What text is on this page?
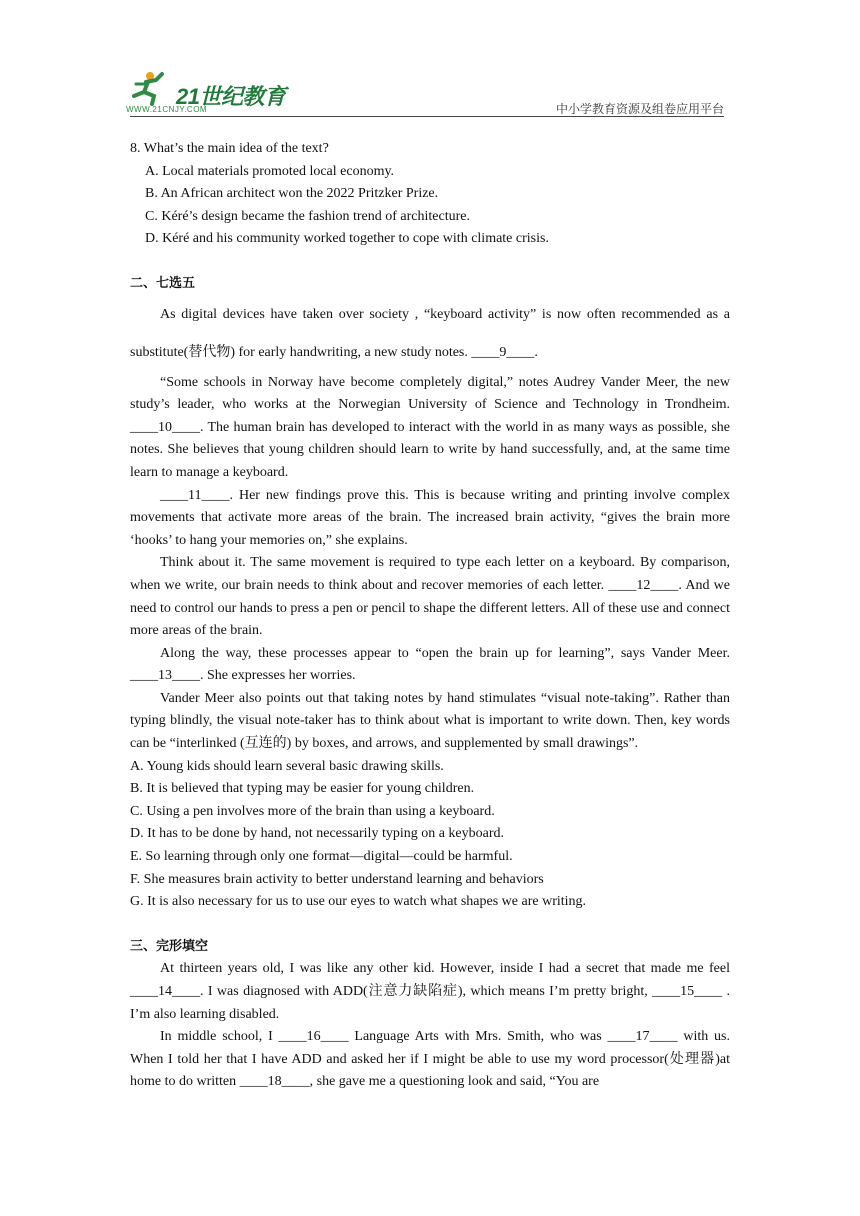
21世纪教育
WWW.21CNJY.COM	中小学教育资源及组卷应用平台
8. What’s the main idea of the text?
A. Local materials promoted local economy.
B. An African architect won the 2022 Pritzker Prize.
C. Kéré’s design became the fashion trend of architecture.
D. Kéré and his community worked together to cope with climate crisis.
二、七选五

As digital devices have taken over society , “keyboard activity” is now often recommended as a substitute(替代物) for early handwriting, a new study notes. ____9____.

“Some schools in Norway have become completely digital,” notes Audrey Vander Meer, the new study’s leader, who works at the Norwegian University of Science and Technology in Trondheim. ____10____. The human brain has developed to interact with the world in as many ways as possible, she notes. She believes that young children should learn to write by hand successfully, and, at the same time learn to manage a keyboard.

____11____. Her new findings prove this. This is because writing and printing involve complex movements that activate more areas of the brain. The increased brain activity, “gives the brain more ‘hooks’ to hang your memories on,” she explains.

Think about it. The same movement is required to type each letter on a keyboard. By comparison, when we write, our brain needs to think about and recover memories of each letter. ____12____. And we need to control our hands to press a pen or pencil to shape the different letters. All of these use and connect more areas of the brain.

Along the way, these processes appear to “open the brain up for learning”, says Vander Meer. ____13____. She expresses her worries.

Vander Meer also points out that taking notes by hand stimulates “visual note-taking”. Rather than typing blindly, the visual note-taker has to think about what is important to write down. Then, key words can be “interlinked (互连的) by boxes, and arrows, and supplemented by small drawings”.

A. Young kids should learn several basic drawing skills.
B. It is believed that typing may be easier for young children.
C. Using a pen involves more of the brain than using a keyboard.
D. It has to be done by hand, not necessarily typing on a keyboard.
E. So learning through only one format—digital—could be harmful.
F. She measures brain activity to better understand learning and behaviors
G. It is also necessary for us to use our eyes to watch what shapes we are writing.
三、完形填空

At thirteen years old, I was like any other kid. However, inside I had a secret that made me feel ____14____. I was diagnosed with ADD(注意力缺陷症), which means I’m pretty bright, ____15____ . I’m also learning disabled.

In middle school, I ____16____ Language Arts with Mrs. Smith, who was ____17____ with us. When I told her that I have ADD and asked her if I might be able to use my word processor(处理器)at home to do written ____18____, she gave me a questioning look and said, “You are
